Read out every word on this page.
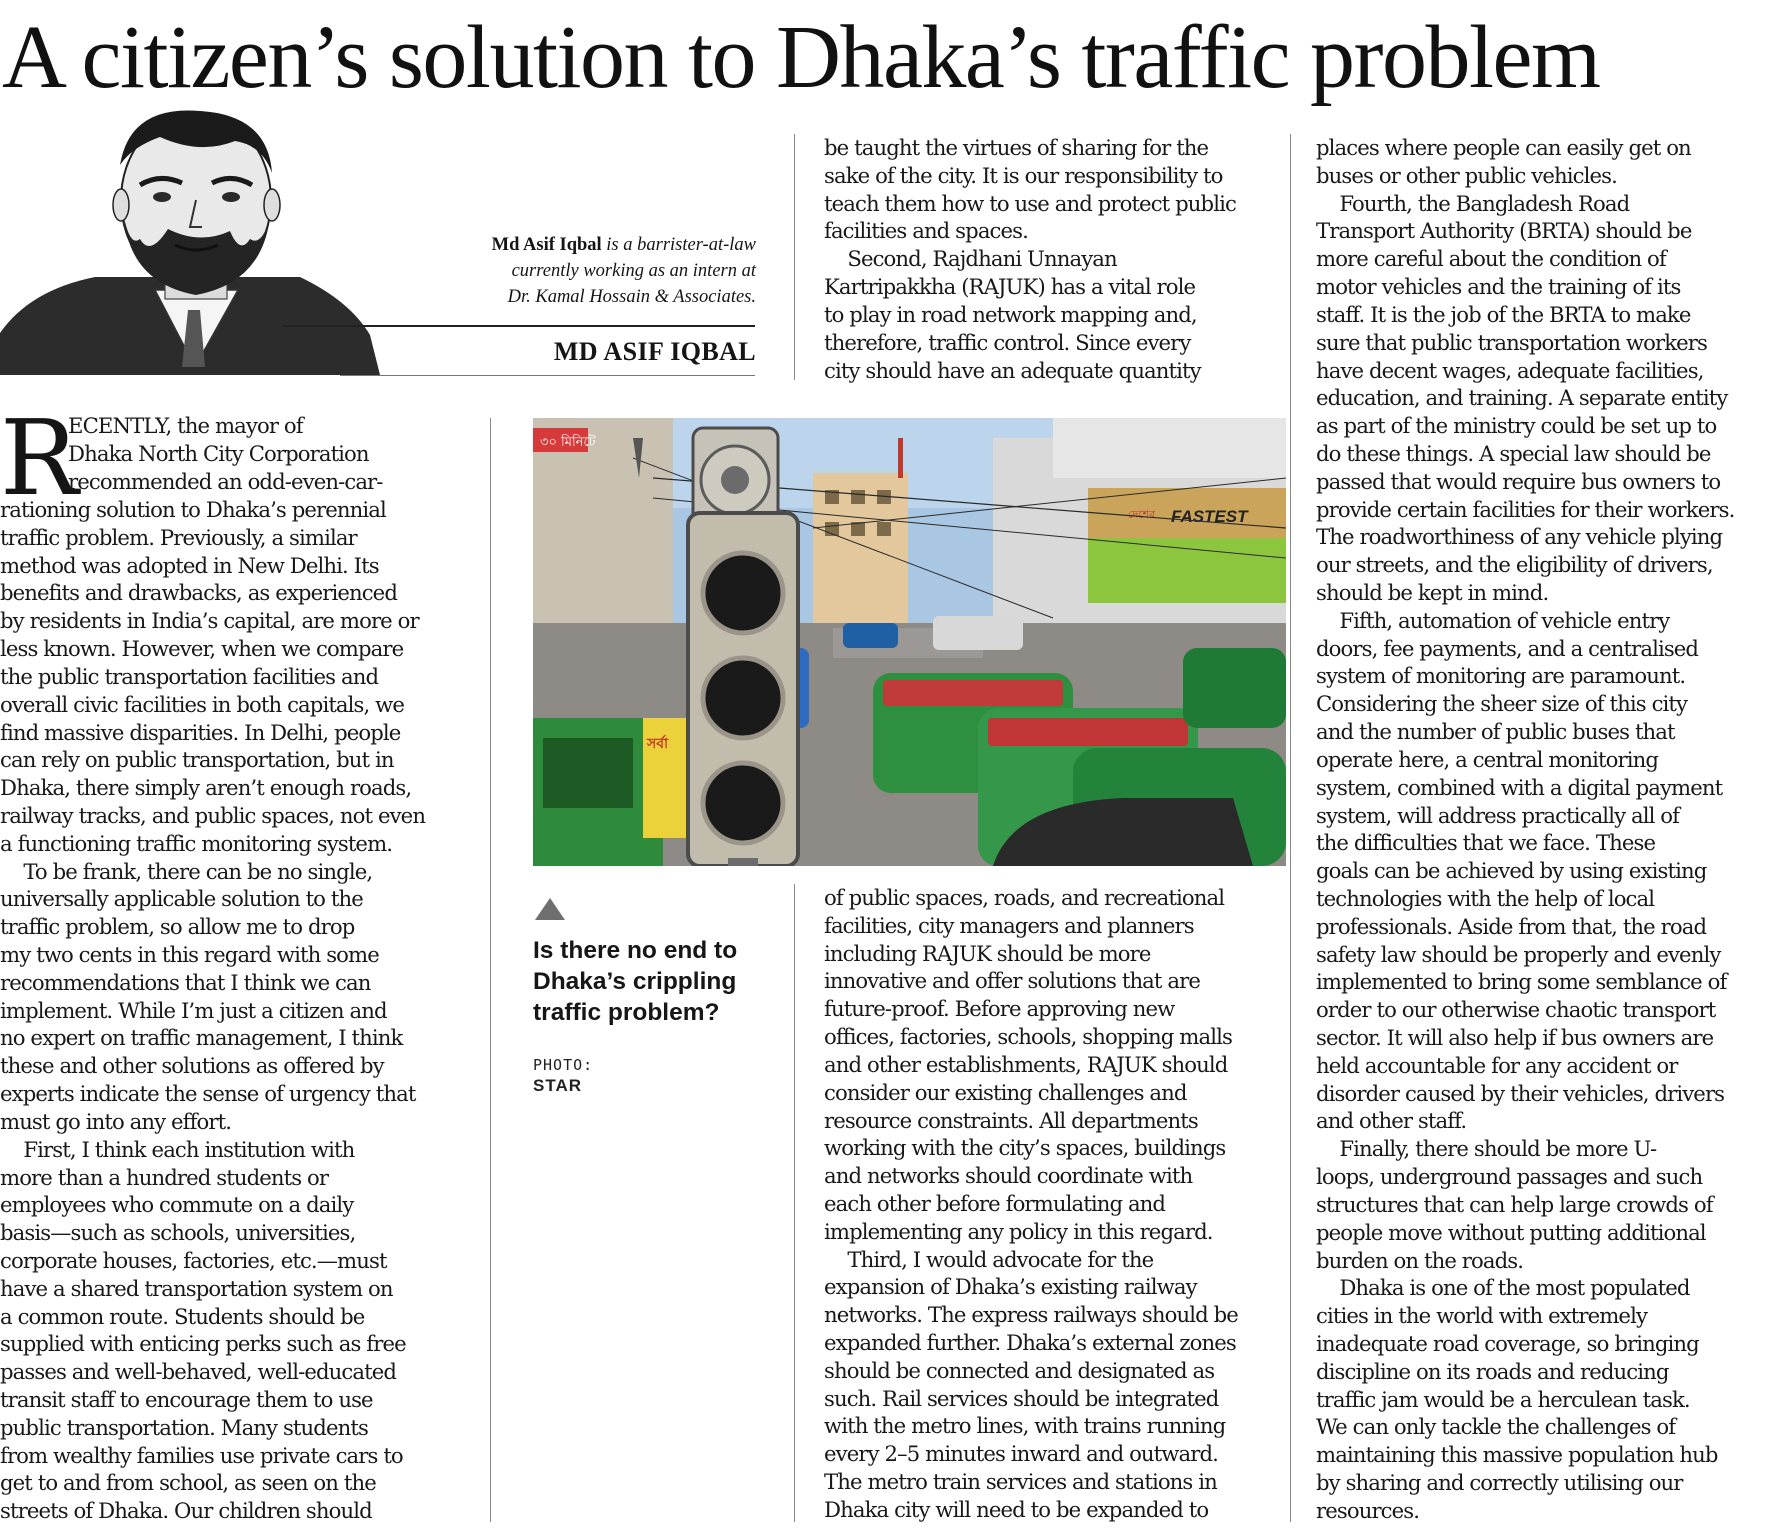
A citizen’s solution to Dhaka’s traffic problem
Md Asif Iqbal is a barrister-at-law
currently working as an intern at
Dr. Kamal Hossain & Associates.
MD ASIF IQBAL
R

ECENTLY, the mayor of
Dhaka North City Corporation
recommended an odd-even-car-

rationing solution to Dhaka’s perennial
traffic problem. Previously, a similar
method was adopted in New Delhi. Its
benefits and drawbacks, as experienced
by residents in India’s capital, are more or
less known. However, when we compare
the public transportation facilities and
overall civic facilities in both capitals, we
find massive disparities. In Delhi, people
can rely on public transportation, but in
Dhaka, there simply aren’t enough roads,
railway tracks, and public spaces, not even
a functioning traffic monitoring system.
To be frank, there can be no single,
universally applicable solution to the
traffic problem, so allow me to drop
my two cents in this regard with some
recommendations that I think we can
implement. While I’m just a citizen and
no expert on traffic management, I think
these and other solutions as offered by
experts indicate the sense of urgency that
must go into any effort.
First, I think each institution with
more than a hundred students or
employees who commute on a daily
basis—such as schools, universities,
corporate houses, factories, etc.—must
have a shared transportation system on
a common route. Students should be
supplied with enticing perks such as free
passes and well-behaved, well-educated
transit staff to encourage them to use
public transportation. Many students
from wealthy families use private cars to
get to and from school, as seen on the
streets of Dhaka. Our children should

be taught the virtues of sharing for the
sake of the city. It is our responsibility to
teach them how to use and protect public
facilities and spaces.
Second, Rajdhani Unnayan
Kartripakkha (RAJUK) has a vital role
to play in road network mapping and,
therefore, traffic control. Since every
city should have an adequate quantity

of public spaces, roads, and recreational
facilities, city managers and planners
including RAJUK should be more
innovative and offer solutions that are
future-proof. Before approving new
offices, factories, schools, shopping malls
and other establishments, RAJUK should
consider our existing challenges and
resource constraints. All departments
working with the city’s spaces, buildings
and networks should coordinate with
each other before formulating and
implementing any policy in this regard.
Third, I would advocate for the
expansion of Dhaka’s existing railway
networks. The express railways should be
expanded further. Dhaka’s external zones
should be connected and designated as
such. Rail services should be integrated
with the metro lines, with trains running
every 2–5 minutes inward and outward.
The metro train services and stations in
Dhaka city will need to be expanded to

places where people can easily get on
buses or other public vehicles.
Fourth, the Bangladesh Road
Transport Authority (BRTA) should be
more careful about the condition of
motor vehicles and the training of its
staff. It is the job of the BRTA to make
sure that public transportation workers
have decent wages, adequate facilities,
education, and training. A separate entity
as part of the ministry could be set up to
do these things. A special law should be
passed that would require bus owners to
provide certain facilities for their workers.
The roadworthiness of any vehicle plying
our streets, and the eligibility of drivers,
should be kept in mind.
Fifth, automation of vehicle entry
doors, fee payments, and a centralised
system of monitoring are paramount.
Considering the sheer size of this city
and the number of public buses that
operate here, a central monitoring
system, combined with a digital payment
system, will address practically all of
the difficulties that we face. These
goals can be achieved by using existing
technologies with the help of local
professionals. Aside from that, the road
safety law should be properly and evenly
implemented to bring some semblance of
order to our otherwise chaotic transport
sector. It will also help if bus owners are
held accountable for any accident or
disorder caused by their vehicles, drivers
and other staff.
Finally, there should be more U-
loops, underground passages and such
structures that can help large crowds of
people move without putting additional
burden on the roads.
Dhaka is one of the most populated
cities in the world with extremely
inadequate road coverage, so bringing
discipline on its roads and reducing
traffic jam would be a herculean task.
We can only tackle the challenges of
maintaining this massive population hub
by sharing and correctly utilising our
resources.

৩০ মিনিটে
দেশের FASTEST
সর্বা

Is there no end to Dhaka’s crippling traffic problem?

PHOTO:
STAR
